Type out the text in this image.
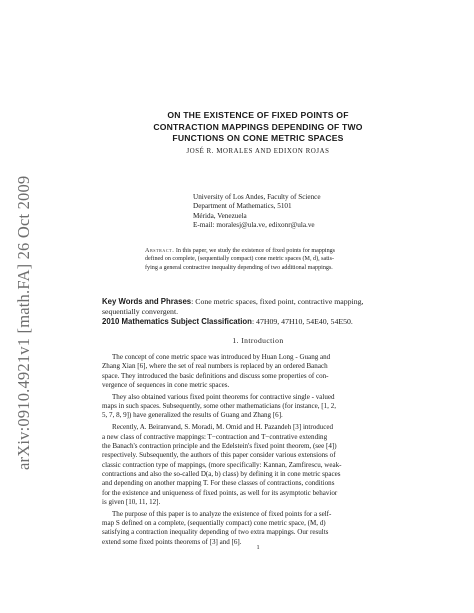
arXiv:0910.4921v1 [math.FA] 26 Oct 2009
ON THE EXISTENCE OF FIXED POINTS OF
CONTRACTION MAPPINGS DEPENDING OF TWO
FUNCTIONS ON CONE METRIC SPACES
JOSÉ R. MORALES AND EDIXON ROJAS
University of Los Andes, Faculty of Science
Department of Mathematics, 5101
Mérida, Venezuela
E-mail: moralesj@ula.ve, edixonr@ula.ve
Abstract. In this paper, we study the existence of fixed points for mappings
defined on complete, (sequentially compact) cone metric spaces (M, d), satis-
fying a general contractive inequality depending of two additional mappings.
Key Words and Phrases: Cone metric spaces, fixed point, contractive mapping,
sequentially convergent.
2010 Mathematics Subject Classification: 47H09, 47H10, 54E40, 54E50.
1. Introduction
The concept of cone metric space was introduced by Huan Long - Guang and
Zhang Xian [6], where the set of real numbers is replaced by an ordered Banach
space. They introduced the basic definitions and discuss some properties of con-
vergence of sequences in cone metric spaces.
They also obtained various fixed point theorems for contractive single - valued
maps in such spaces. Subsequently, some other mathematicians (for instance, [1, 2,
5, 7, 8, 9]) have generalized the results of Guang and Zhang [6].
Recently, A. Beiranvand, S. Moradi, M. Omid and H. Pazandeh [3] introduced
a new class of contractive mappings: T−contraction and T−contrative extending
the Banach's contraction principle and the Edelstein's fixed point theorem, (see [4])
respectively. Subsequently, the authors of this paper consider various extensions of
classic contraction type of mappings, (more specifically: Kannan, Zamfirescu, weak-
contractions and also the so-called D(a, b) class) by defining it in cone metric spaces
and depending on another mapping T. For these classes of contractions, conditions
for the existence and uniqueness of fixed points, as well for its asymptotic behavior
is given [10, 11, 12].
The purpose of this paper is to analyze the existence of fixed points for a self-
map S defined on a complete, (sequentially compact) cone metric space, (M, d)
satisfying a contraction inequality depending of two extra mappings. Our results
extend some fixed points theorems of [3] and [6].
1
